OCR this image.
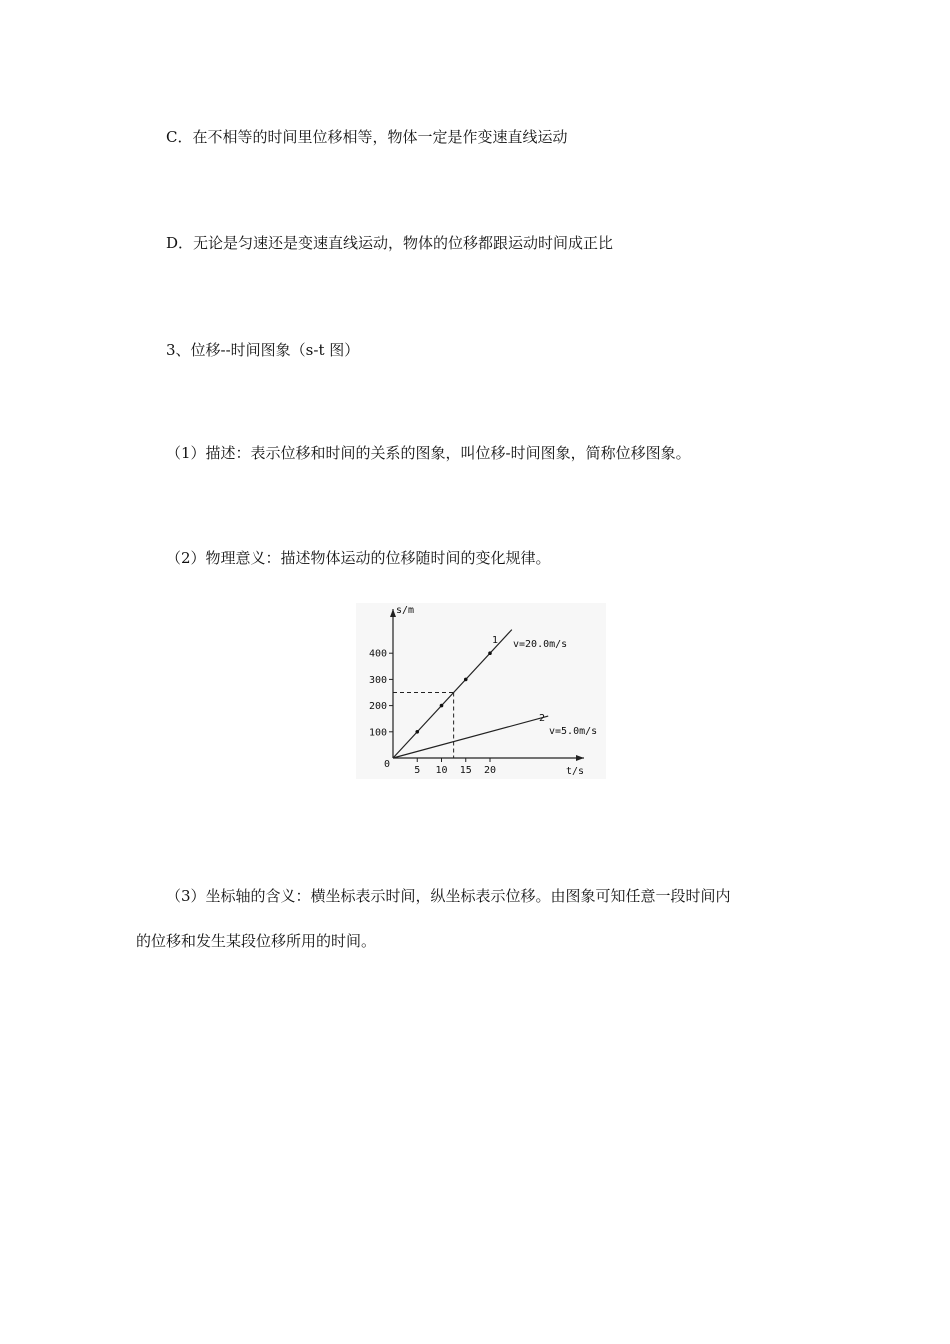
C．在不相等的时间里位移相等，物体一定是作变速直线运动
D．无论是匀速还是变速直线运动，物体的位移都跟运动时间成正比
3、位移--时间图象（s-t 图）
（1）描述：表示位移和时间的关系的图象，叫位移-时间图象，简称位移图象。
（2）物理意义：描述物体运动的位移随时间的变化规律。
s/m
t/s
0
100
200
300
400
5 10 15 20
1 v=20.0m/s
2
v=5.0m/s
（3）坐标轴的含义：横坐标表示时间，纵坐标表示位移。由图象可知任意一段时间内
的位移和发生某段位移所用的时间。
